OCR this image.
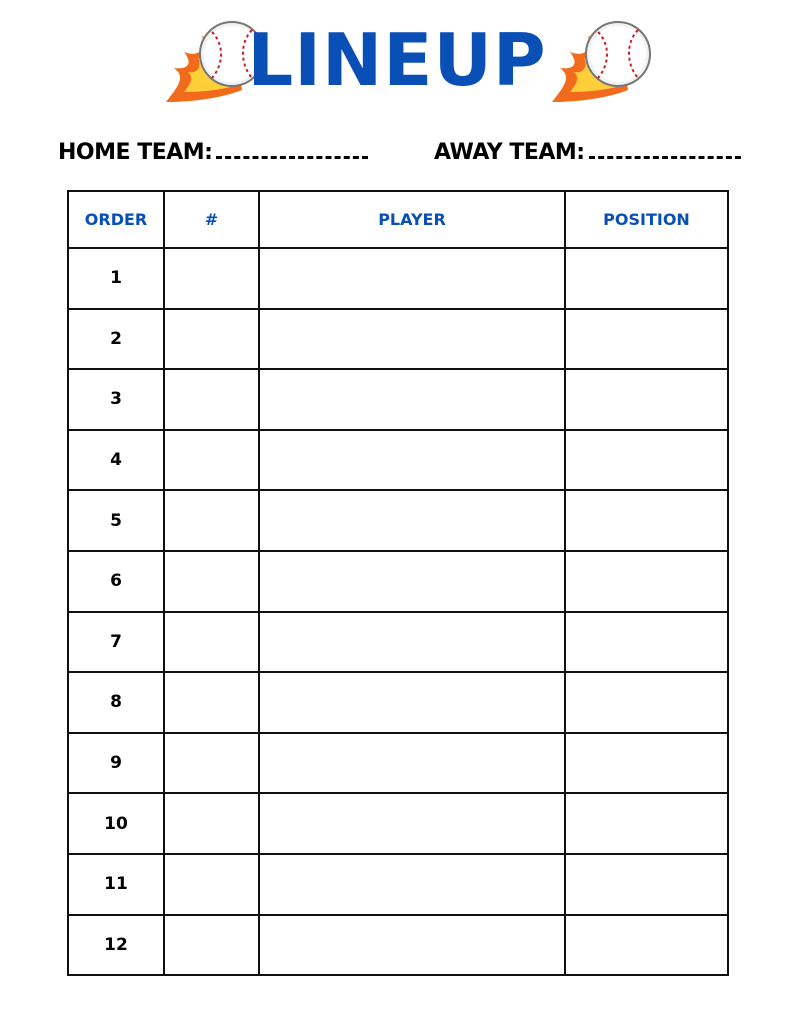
LINEUP
HOME TEAM:	AWAY TEAM:
ORDER	#	PLAYER	POSITION
1			
2			
3			
4			
5			
6			
7			
8			
9			
10			
11			
12			
